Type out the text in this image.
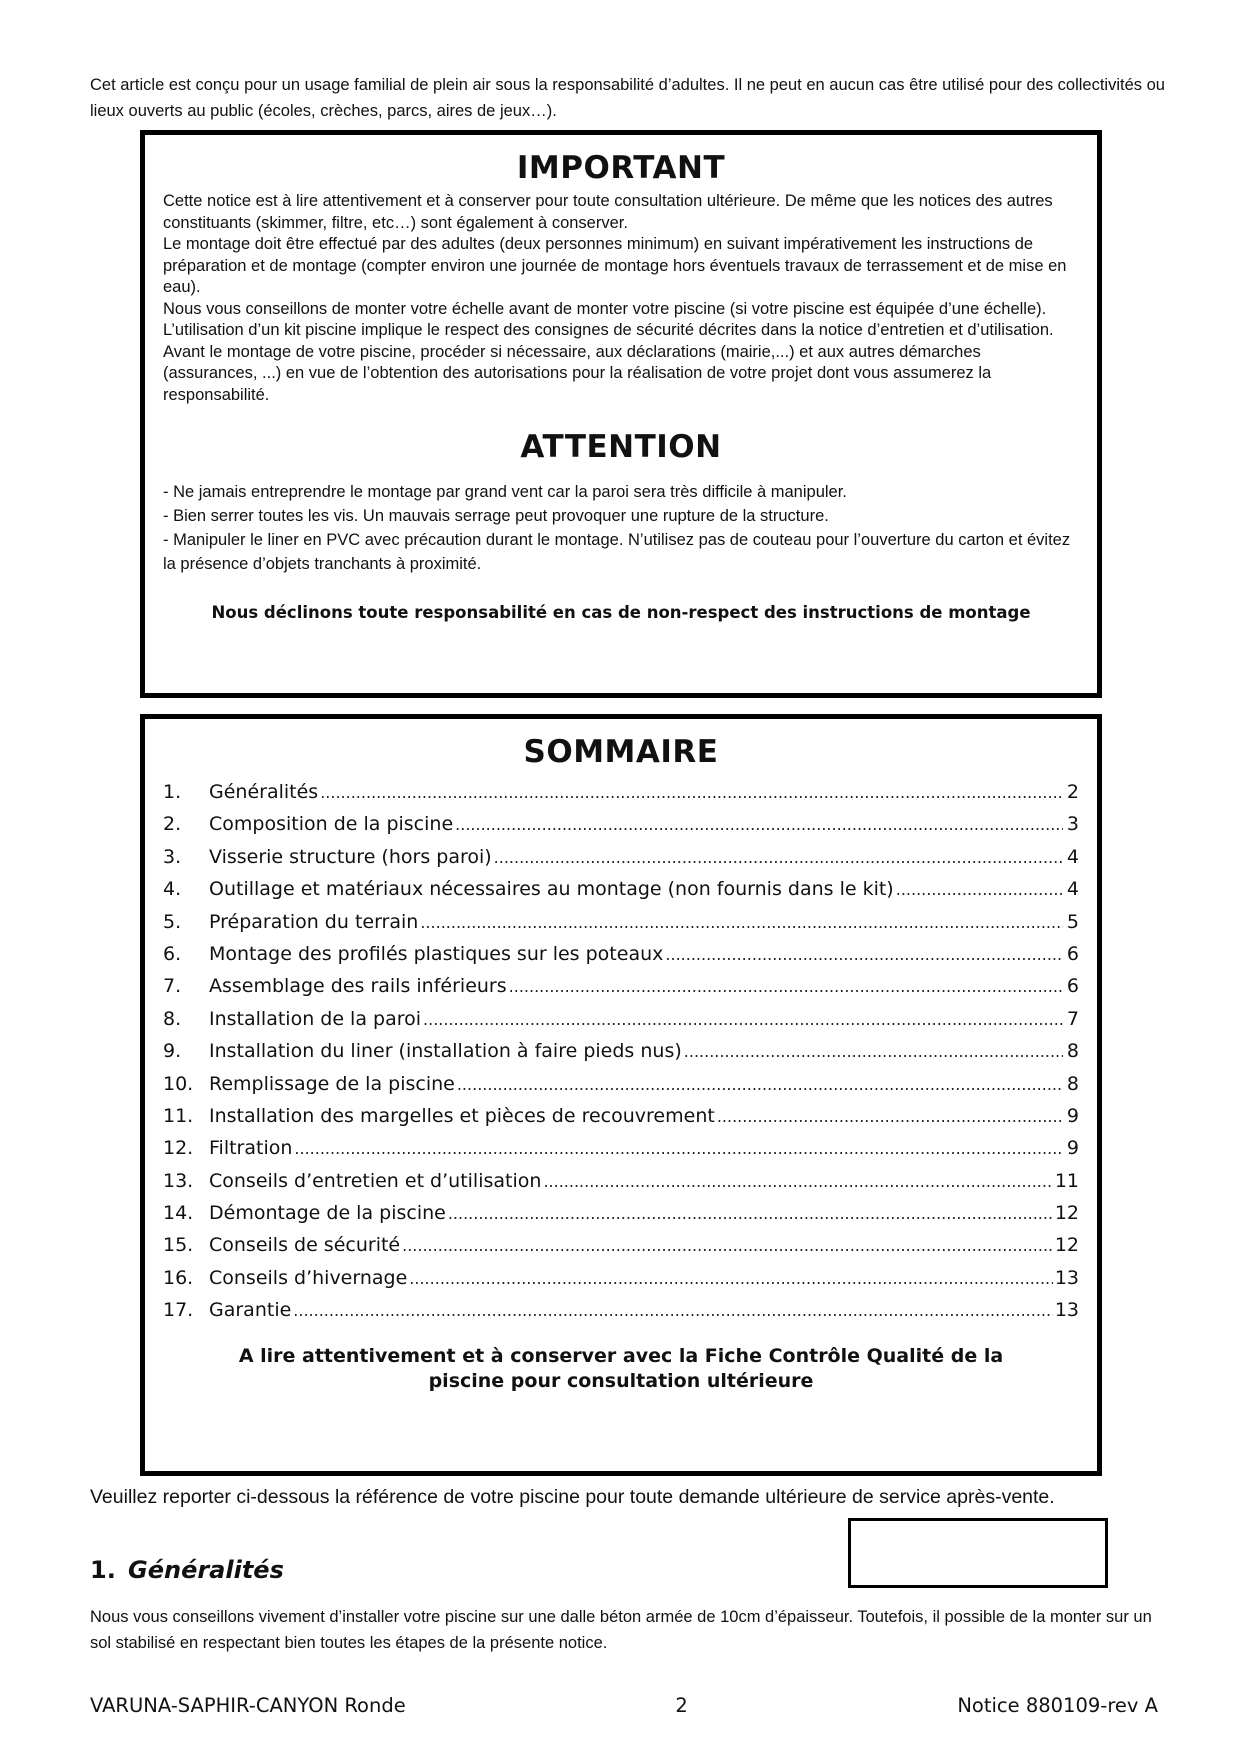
Cet article est conçu pour un usage familial de plein air sous la responsabilité d’adultes. Il ne peut en aucun cas être utilisé pour des collectivités ou lieux ouverts au public (écoles, crèches, parcs, aires de jeux…).

IMPORTANT

Cette notice est à lire attentivement et à conserver pour toute consultation ultérieure. De même que les notices des autres constituants (skimmer, filtre, etc…) sont également à conserver.

Le montage doit être effectué par des adultes (deux personnes minimum) en suivant impérativement les instructions de préparation et de montage (compter environ une journée de montage hors éventuels travaux de terrassement et de mise en eau).

Nous vous conseillons de monter votre échelle avant de monter votre piscine (si votre piscine est équipée d’une échelle). L’utilisation d’un kit piscine implique le respect des consignes de sécurité décrites dans la notice d’entretien et d’utilisation.

Avant le montage de votre piscine, procéder si nécessaire, aux déclarations (mairie,...) et aux autres démarches (assurances, ...) en vue de l’obtention des autorisations pour la réalisation de votre projet dont vous assumerez la responsabilité.

ATTENTION
- Ne jamais entreprendre le montage par grand vent car la paroi sera très difficile à manipuler.
- Bien serrer toutes les vis. Un mauvais serrage peut provoquer une rupture de la structure.
- Manipuler le liner en PVC avec précaution durant le montage. N’utilisez pas de couteau pour l’ouverture du carton et évitez la présence d’objets tranchants à proximité.

Nous déclinons toute responsabilité en cas de non-respect des instructions de montage

SOMMAIRE
1.	Généralités .....	2
2.	Composition de la piscine .....	3
3.	Visserie structure (hors paroi) .....	4
4.	Outillage et matériaux nécessaires au montage (non fournis dans le kit) .....	4
5.	Préparation du terrain .....	5
6.	Montage des profilés plastiques sur les poteaux .....	6
7.	Assemblage des rails inférieurs .....	6
8.	Installation de la paroi .....	7
9.	Installation du liner (installation à faire pieds nus) .....	8
10. Remplissage de la piscine .....	8
11. Installation des margelles et pièces de recouvrement .....	9
12. Filtration .....	9
13. Conseils d’entretien et d’utilisation .....	11
14. Démontage de la piscine .....	12
15. Conseils de sécurité .....	12
16. Conseils d’hivernage .....	13
17. Garantie .....	13

A lire attentivement et à conserver avec la Fiche Contrôle Qualité de la piscine pour consultation ultérieure

Veuillez reporter ci-dessous la référence de votre piscine pour toute demande ultérieure de service après-vente.

1. Généralités

Nous vous conseillons vivement d’installer votre piscine sur une dalle béton armée de 10cm d’épaisseur. Toutefois, il possible de la monter sur un sol stabilisé en respectant bien toutes les étapes de la présente notice.

VARUNA-SAPHIR-CANYON Ronde	2	Notice 880109-rev A
